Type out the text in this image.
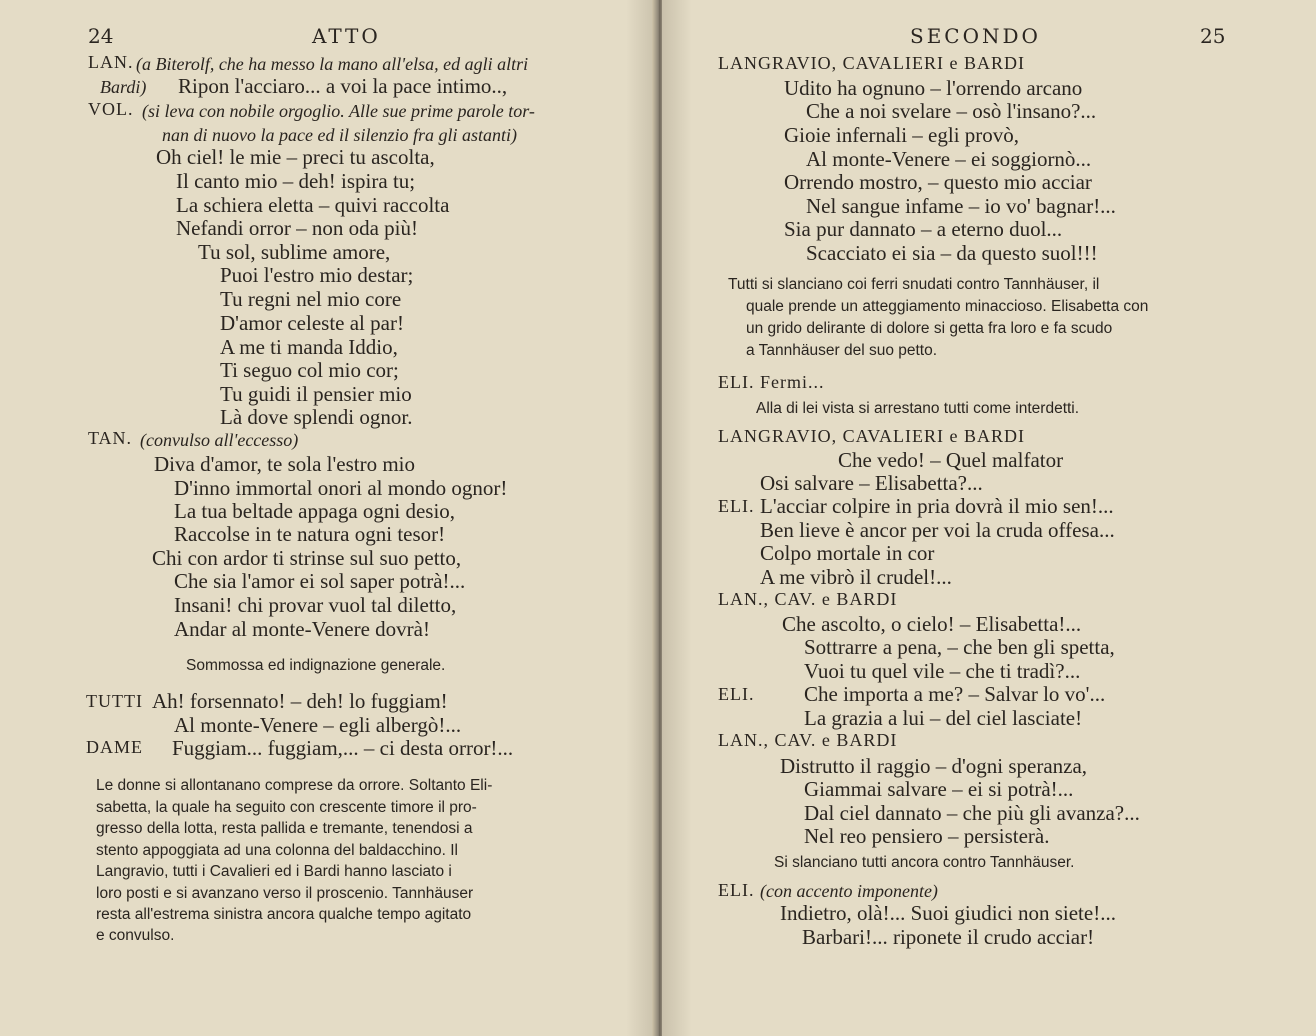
24	ATTO
LAN. (a Biterolf, che ha messo la mano all'elsa, ed agli altri
Bardi) Ripon l'acciaro... a voi la pace intimo..,
VOL. (si leva con nobile orgoglio. Alle sue prime parole tor-
nan di nuovo la pace ed il silenzio fra gli astanti)
Oh ciel! le mie – preci tu ascolta,
Il canto mio – deh! ispira tu;
La schiera eletta – quivi raccolta
Nefandi orror – non oda più!
Tu sol, sublime amore,
Puoi l'estro mio destar;
Tu regni nel mio core
D'amor celeste al par!
A me ti manda Iddio,
Ti seguo col mio cor;
Tu guidi il pensier mio
Là dove splendi ognor.
TAN. (convulso all'eccesso)
Diva d'amor, te sola l'estro mio
D'inno immortal onori al mondo ognor!
La tua beltade appaga ogni desio,
Raccolse in te natura ogni tesor!
Chi con ardor ti strinse sul suo petto,
Che sia l'amor ei sol saper potrà!...
Insani! chi provar vuol tal diletto,
Andar al monte-Venere dovrà!
Sommossa ed indignazione generale.
TUTTI Ah! forsennato! – deh! lo fuggiam!
Al monte-Venere – egli albergò!...
DAME Fuggiam... fuggiam,... – ci desta orror!...
Le donne si allontanano comprese da orrore. Soltanto Eli-
sabetta, la quale ha seguito con crescente timore il pro-
gresso della lotta, resta pallida e tremante, tenendosi a
stento appoggiata ad una colonna del baldacchino. Il
Langravio, tutti i Cavalieri ed i Bardi hanno lasciato i
loro posti e si avanzano verso il proscenio. Tannhäuser
resta all'estrema sinistra ancora qualche tempo agitato
e convulso.
SECONDO	25
LANGRAVIO, CAVALIERI e BARDI
Udito ha ognuno – l'orrendo arcano
Che a noi svelare – osò l'insano?...
Gioie infernali – egli provò,
Al monte-Venere – ei soggiornò...
Orrendo mostro, – questo mio acciar
Nel sangue infame – io vo' bagnar!...
Sia pur dannato – a eterno duol...
Scacciato ei sia – da questo suol!!!
Tutti si slanciano coi ferri snudati contro Tannhäuser, il
quale prende un atteggiamento minaccioso. Elisabetta con
un grido delirante di dolore si getta fra loro e fa scudo
a Tannhäuser del suo petto.
ELI. Fermi...
Alla di lei vista si arrestano tutti come interdetti.
LANGRAVIO, CAVALIERI e BARDI
Che vedo! – Quel malfator
Osi salvare – Elisabetta?...
ELI. L'acciar colpire in pria dovrà il mio sen!...
Ben lieve è ancor per voi la cruda offesa...
Colpo mortale in cor
A me vibrò il crudel!...
LAN., CAV. e BARDI
Che ascolto, o cielo! – Elisabetta!...
Sottrarre a pena, – che ben gli spetta,
Vuoi tu quel vile – che ti tradì?...
ELI. Che importa a me? – Salvar lo vo'...
La grazia a lui – del ciel lasciate!
LAN., CAV. e BARDI
Distrutto il raggio – d'ogni speranza,
Giammai salvare – ei si potrà!...
Dal ciel dannato – che più gli avanza?...
Nel reo pensiero – persisterà.
Si slanciano tutti ancora contro Tannhäuser.
ELI. (con accento imponente)
Indietro, olà!... Suoi giudici non siete!...
Barbari!... riponete il crudo acciar!
